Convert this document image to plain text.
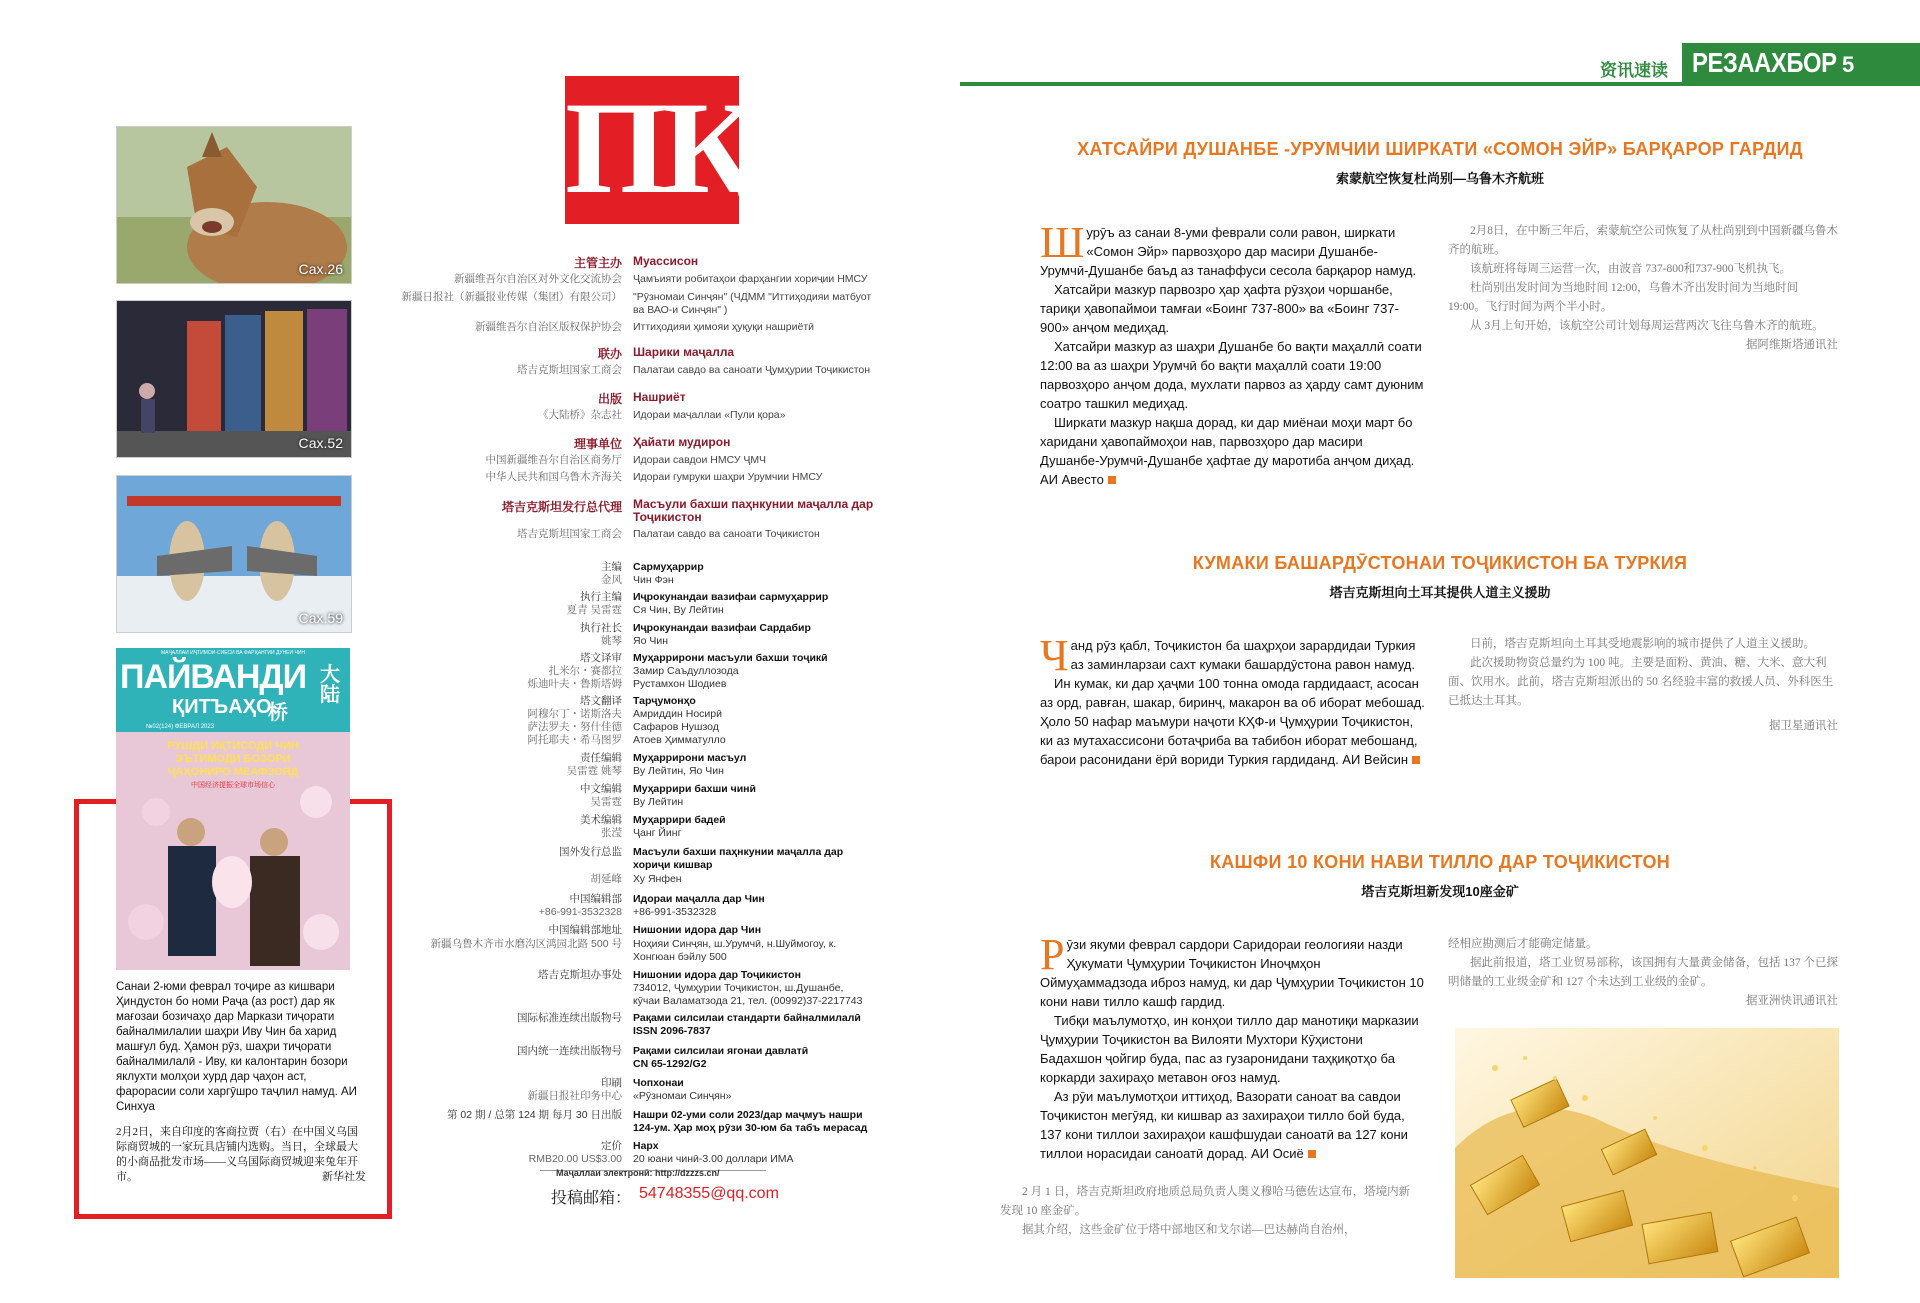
Сах.26
Сах.52
Сах.59
МАҶАЛЛАИ ИҶТИМОӢ-СИЁСӢ ВА ФАРҲАНГИИ ДУНЁИ ЧИН
ПАЙВАНДИ 大
陆
ҚИТЪАҲО
桥
№02(124) ФЕВРАЛ 2023
РУШДИ ИҚТИСОДИ ЧИН
ЭЪТИМОДИ БОЗОРИ
ҶАҲОНИРО МЕАФЗОЯД
中国经济提振全球市场信心
Санаи 2-юми феврал тоҷире аз кишвари Ҳиндустон бо номи Раҷа (аз рост) дар як мағозаи бозичаҳо дар Маркази тиҷорати байналмилалии шаҳри Иву Чин ба харид машғул буд. Ҳамон рӯз, шаҳри тиҷорати байналмилалӣ - Иву, ки калонтарин бозори яклухти молҳои хурд дар ҷаҳон аст, фарорасии соли харгӯшро таҷлил намуд. АИ Синхуа
2月2日，来自印度的客商拉贾（右）在中国义乌国际商贸城的一家玩具店铺内选购。当日，全球最大的小商品批发市场——义乌国际商贸城迎来兔年开市。	新华社发
ПҚ
主管主办 Муассисон
新疆维吾尔自治区对外文化交流协会 Ҷамъияти робитаҳои фарҳангии хориҷии НМСУ
新疆日报社（新疆报业传媒（集团）有限公司） "Рӯзномаи Синҷян" (ЧДММ "Иттиҳодияи матбуот ва ВАО-и Синҷян" )
新疆维吾尔自治区版权保护协会 Иттиҳодияи ҳимояи ҳуқуқи нашриётӣ
联办 Шарики маҷалла
塔吉克斯坦国家工商会 Палатаи савдо ва саноати Ҷумҳурии Тоҷикистон
出版 Нашриёт
《大陆桥》杂志社 Идораи маҷаллаи «Пули қора»
理事单位 Ҳайати мудирон
中国新疆维吾尔自治区商务厅 Идораи савдои НМСУ ҶМЧ
中华人民共和国乌鲁木齐海关 Идораи гумруки шаҳри Урумчии НМСУ
塔吉克斯坦发行总代理 Масъули бахши паҳнкунии маҷалла дар Тоҷикистон
塔吉克斯坦国家工商会 Палатаи савдо ва саноати Тоҷикистон
主编
金风
Сармуҳаррир
Чин Фэн
执行主编
夏青 吴雷霆
Иҷрокунандаи вазифаи сармуҳаррир
Ся Чин, Ву Лейтин
执行社长
姚琴
Иҷрокунандаи вазифаи Сардабир
Яо Чин
塔文译审
扎米尔・赛都拉
烁迪叶夫・鲁斯塔姆
Муҳаррирони масъули бахши тоҷикӣ
Замир Саъдуллозода
Рустамхон Шодиев
塔文翻译
阿穆尔丁・诺斯洛夫
萨法罗夫・努什佳德
阿托耶夫・希马图罗
Тарҷумонҳо
Амриддин Носирӣ
Сафаров Нушзод
Атоев Ҳимматулло
责任编辑
吴雷霆 姚琴
Муҳаррирони масъул
Ву Лейтин, Яо Чин
中文编辑
吴雷霆
Муҳаррири бахши чинӣ
Ву Лейтин
美术编辑
张滢
Муҳаррири бадеӣ
Ҷанг Йинг
国外发行总监
胡延峰
Масъули бахши паҳнкунии маҷалла дар хориҷи кишвар
Ху Янфен
中国编辑部
+86-991-3532328
Идораи маҷалла дар Чин
+86-991-3532328
中国编辑部地址
新疆乌鲁木齐市水磨沟区鸿园北路 500 号
Нишонии идора дар Чин
Ноҳияи Синҷян, ш.Урумчӣ, н.Шуймогоу, к. Хонгюан бэйлу 500
塔吉克斯坦办事处 Нишонии идора дар Тоҷикистон
734012, Ҷумҳурии Тоҷикистон, ш.Душанбе, кӯчаи Валаматзода 21, тел. (00992)37-2217743
国际标准连续出版物号 Рақами силсилаи стандарти байналмилалӣ
ISSN 2096-7837
国内统一连续出版物号 Рақами силсилаи ягонаи давлатӣ
CN 65-1292/G2
印刷
新疆日报社印务中心
Чопхонаи
«Рӯзномаи Синҷян»
第 02 期 / 总第 124 期 每月 30 日出版 Нашри 02-уми соли 2023/дар маҷмуъ нашри 124-ум. Ҳар моҳ рӯзи 30-юм ба табъ мерасад
定价
RMB20.00 US$3.00
Нарх
20 юани чинӣ-3.00 доллари ИМА
Маҷаллаи электронӣ: http://dzzzs.cn/
投稿邮箱： 54748355@qq.com
资讯速读 РЕЗААХБОР 5
ХАТСАЙРИ ДУШАНБЕ -УРУМЧИИ ШИРКАТИ «СОМОН ЭЙР» БАРҚАРОР ГАРДИД
索蒙航空恢复杜尚别—乌鲁木齐航班

Шурӯъ аз санаи 8-уми феврали соли равон, ширкати «Сомон Эйр» парвозҳоро дар масири Душанбе-Урумчӣ-Душанбе баъд аз танаффуси сесола барқарор намуд.

Хатсайри мазкур парвозро ҳар ҳафта рӯзҳои чоршанбе, тариқи ҳавопаймои тамғаи «Боинг 737-800» ва «Боинг 737-900» анҷом медиҳад.

Хатсайри мазкур аз шаҳри Душанбе бо вақти маҳаллӣ соати 12:00 ва аз шаҳри Урумчӣ бо вақти маҳаллӣ соати 19:00 парвозҳоро анҷом дода, мухлати парвоз аз ҳарду самт дуюним соатро ташкил медиҳад.

Ширкати мазкур нақша дорад, ки дар миёнаи моҳи март бо харидани ҳавопаймоҳои нав, парвозҳоро дар масири Душанбе-Урумчӣ-Душанбе ҳафтае ду маротиба анҷом диҳад. АИ Авесто

2月8日，在中断三年后，索蒙航空公司恢复了从杜尚别到中国新疆乌鲁木齐的航班。

该航班将每周三运营一次，由波音 737-800和737-900飞机执飞。

杜尚别出发时间为当地时间 12:00，乌鲁木齐出发时间为当地时间 19:00。飞行时间为两个半小时。

从 3月上旬开始，该航空公司计划每周运营两次飞往乌鲁木齐的航班。

据阿维斯塔通讯社

КУМАКИ БАШАРДӮСТОНАИ ТОҶИКИСТОН БА ТУРКИЯ
塔吉克斯坦向土耳其提供人道主义援助

Чанд рӯз қабл, Тоҷикистон ба шаҳрҳои зарардидаи Туркия аз заминларзаи сахт кумаки башардӯстона равон намуд.

Ин кумак, ки дар ҳаҷми 100 тонна омода гардидааст, асосан аз орд, равған, шакар, биринҷ, макарон ва об иборат мебошад. Ҳоло 50 нафар маъмури наҷоти КҲФ-и Ҷумҳурии Тоҷикистон, ки аз мутахассисони ботаҷриба ва табибон иборат мебошанд, барои расонидани ёрӣ вориди Туркия гардиданд. АИ Вейсин

日前，塔吉克斯坦向土耳其受地震影响的城市提供了人道主义援助。

此次援助物资总量约为 100 吨。主要是面粉、黄油、糖、大米、意大利面、饮用水。此前，塔吉克斯坦派出的 50 名经验丰富的救援人员、外科医生已抵达土耳其。

据卫星通讯社

КАШФИ 10 КОНИ НАВИ ТИЛЛО ДАР ТОҶИКИСТОН
塔吉克斯坦新发现10座金矿

Рӯзи якуми феврал сардори Саридораи геологияи назди Ҳукумати Ҷумҳурии Тоҷикистон Иноҷмҳон Оймуҳаммадзода иброз намуд, ки дар Ҷумҳурии Тоҷикистон 10 кони нави тилло кашф гардид.

Тибқи маълумотҳо, ин конҳои тилло дар манотиқи марказии Ҷумҳурии Тоҷикистон ва Вилояти Мухтори Кӯҳистони Бадахшон ҷойгир буда, пас аз гузаронидани таҳқиқотҳо ба коркарди захираҳо метавон оғоз намуд.

Аз рӯи маълумотҳои иттиҳод, Вазорати саноат ва савдои Тоҷикистон мегӯяд, ки кишвар аз захираҳои тилло бой буда, 137 кони тиллои захираҳои кашфшудаи саноатӣ ва 127 кони тиллои норасидаи саноатӣ дорад. АИ Осиё

2 月 1 日，塔吉克斯坦政府地质总局负责人奥义穆哈马德佐达宣布，塔境内新发现 10 座金矿。

据其介绍，这些金矿位于塔中部地区和戈尔诺—巴达赫尚自治州，

经相应勘测后才能确定储量。

据此前报道，塔工业贸易部称，该国拥有大量黄金储备，包括 137 个已探明储量的工业级金矿和 127 个未达到工业级的金矿。

据亚洲快讯通讯社
